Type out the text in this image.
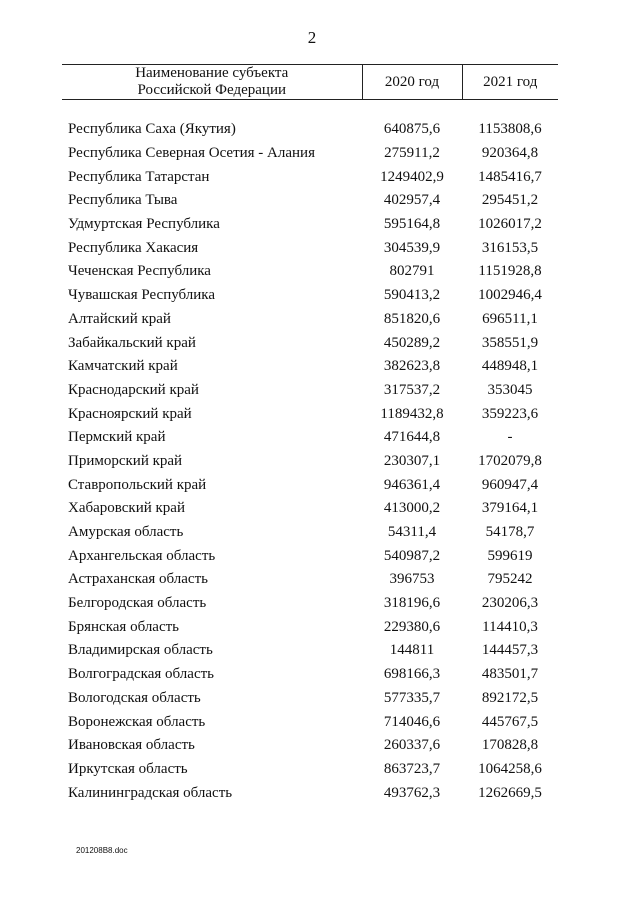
2
Наименование субъекта
Российской Федерации	2020 год	2021 год

Республика Саха (Якутия)	640875,6	1153808,6
Республика Северная Осетия - Алания	275911,2	920364,8
Республика Татарстан	1249402,9	1485416,7
Республика Тыва	402957,4	295451,2
Удмуртская Республика	595164,8	1026017,2
Республика Хакасия	304539,9	316153,5
Чеченская Республика	802791	1151928,8
Чувашская Республика	590413,2	1002946,4
Алтайский край	851820,6	696511,1
Забайкальский край	450289,2	358551,9
Камчатский край	382623,8	448948,1
Краснодарский край	317537,2	353045
Красноярский край	1189432,8	359223,6
Пермский край	471644,8	-
Приморский край	230307,1	1702079,8
Ставропольский край	946361,4	960947,4
Хабаровский край	413000,2	379164,1
Амурская область	54311,4	54178,7
Архангельская область	540987,2	599619
Астраханская область	396753	795242
Белгородская область	318196,6	230206,3
Брянская область	229380,6	114410,3
Владимирская область	144811	144457,3
Волгоградская область	698166,3	483501,7
Вологодская область	577335,7	892172,5
Воронежская область	714046,6	445767,5
Ивановская область	260337,6	170828,8
Иркутская область	863723,7	1064258,6
Калининградская область	493762,3	1262669,5
201208B8.doc
